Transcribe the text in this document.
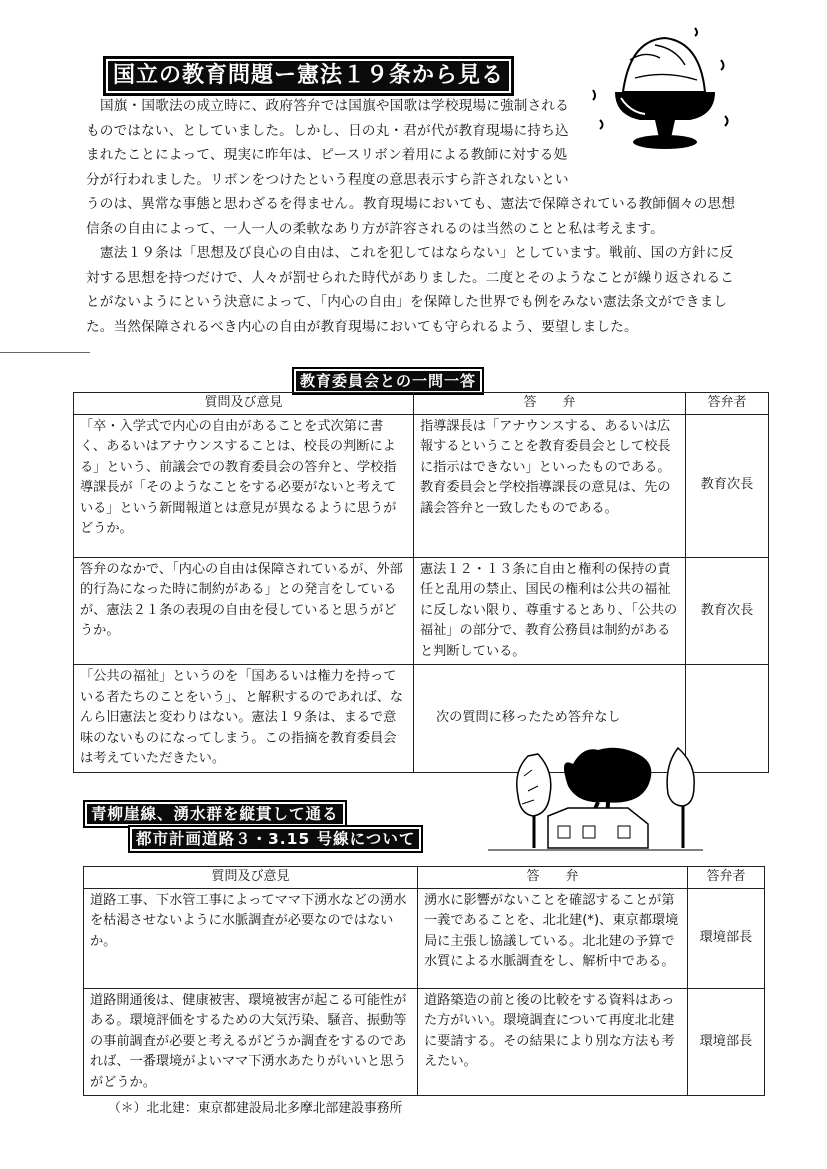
国立の教育問題ー憲法１９条から見る

国旗・国歌法の成立時に、政府答弁では国旗や国歌は学校現場に強制されるものではない、としていました。しかし、日の丸・君が代が教育現場に持ち込まれたことによって、現実に昨年は、ピースリボン着用による教師に対する処分が行われました。リボンをつけたという程度の意思表示すら許されないというのは、異常な事態と思わざるを得ません。教育現場においても、憲法で保障されている教師個々の思想信条の自由によって、一人一人の柔軟なあり方が許容されるのは当然のことと私は考えます。

憲法１９条は「思想及び良心の自由は、これを犯してはならない」としています。戦前、国の方針に反対する思想を持つだけで、人々が罰せられた時代がありました。二度とそのようなことが繰り返されることがないようにという決意によって、「内心の自由」を保障した世界でも例をみない憲法条文ができました。当然保障されるべき内心の自由が教育現場においても守られるよう、要望しました。

教育委員会との一問一答
質問及び意見	答　　弁	答弁者
「卒・入学式で内心の自由があることを式次第に書く、あるいはアナウンスすることは、校長の判断による」という、前議会での教育委員会の答弁と、学校指導課長が「そのようなことをする必要がないと考えている」という新聞報道とは意見が異なるように思うがどうか。	指導課長は「アナウンスする、あるいは広報するということを教育委員会として校長に指示はできない」といったものである。教育委員会と学校指導課長の意見は、先の議会答弁と一致したものである。	教育次長
答弁のなかで、「内心の自由は保障されているが、外部的行為になった時に制約がある」との発言をしているが、憲法２１条の表現の自由を侵していると思うがどうか。	憲法１２・１３条に自由と権利の保持の責任と乱用の禁止、国民の権利は公共の福祉に反しない限り、尊重するとあり、「公共の福祉」の部分で、教育公務員は制約があると判断している。	教育次長
「公共の福祉」というのを「国あるいは権力を持っている者たちのことをいう」、と解釈するのであれば、なんら旧憲法と変わりはない。憲法１９条は、まるで意味のないものになってしまう。この指摘を教育委員会は考えていただきたい。	次の質問に移ったため答弁なし	
青柳崖線、湧水群を縦貫して通る
都市計画道路３・3.15 号線について
質問及び意見	答　　弁	答弁者
道路工事、下水管工事によってママ下湧水などの湧水を枯渇させないように水脈調査が必要なのではないか。	湧水に影響がないことを確認することが第一義であることを、北北建(*)、東京都環境局に主張し協議している。北北建の予算で水質による水脈調査をし、解析中である。	環境部長
道路開通後は、健康被害、環境被害が起こる可能性がある。環境評価をするための大気汚染、騒音、振動等の事前調査が必要と考えるがどうか調査をするのであれば、一番環境がよいママ下湧水あたりがいいと思うがどうか。	道路築造の前と後の比較をする資料はあった方がいい。環境調査について再度北北建に要請する。その結果により別な方法も考えたい。	環境部長
（＊）北北建：東京都建設局北多摩北部建設事務所
